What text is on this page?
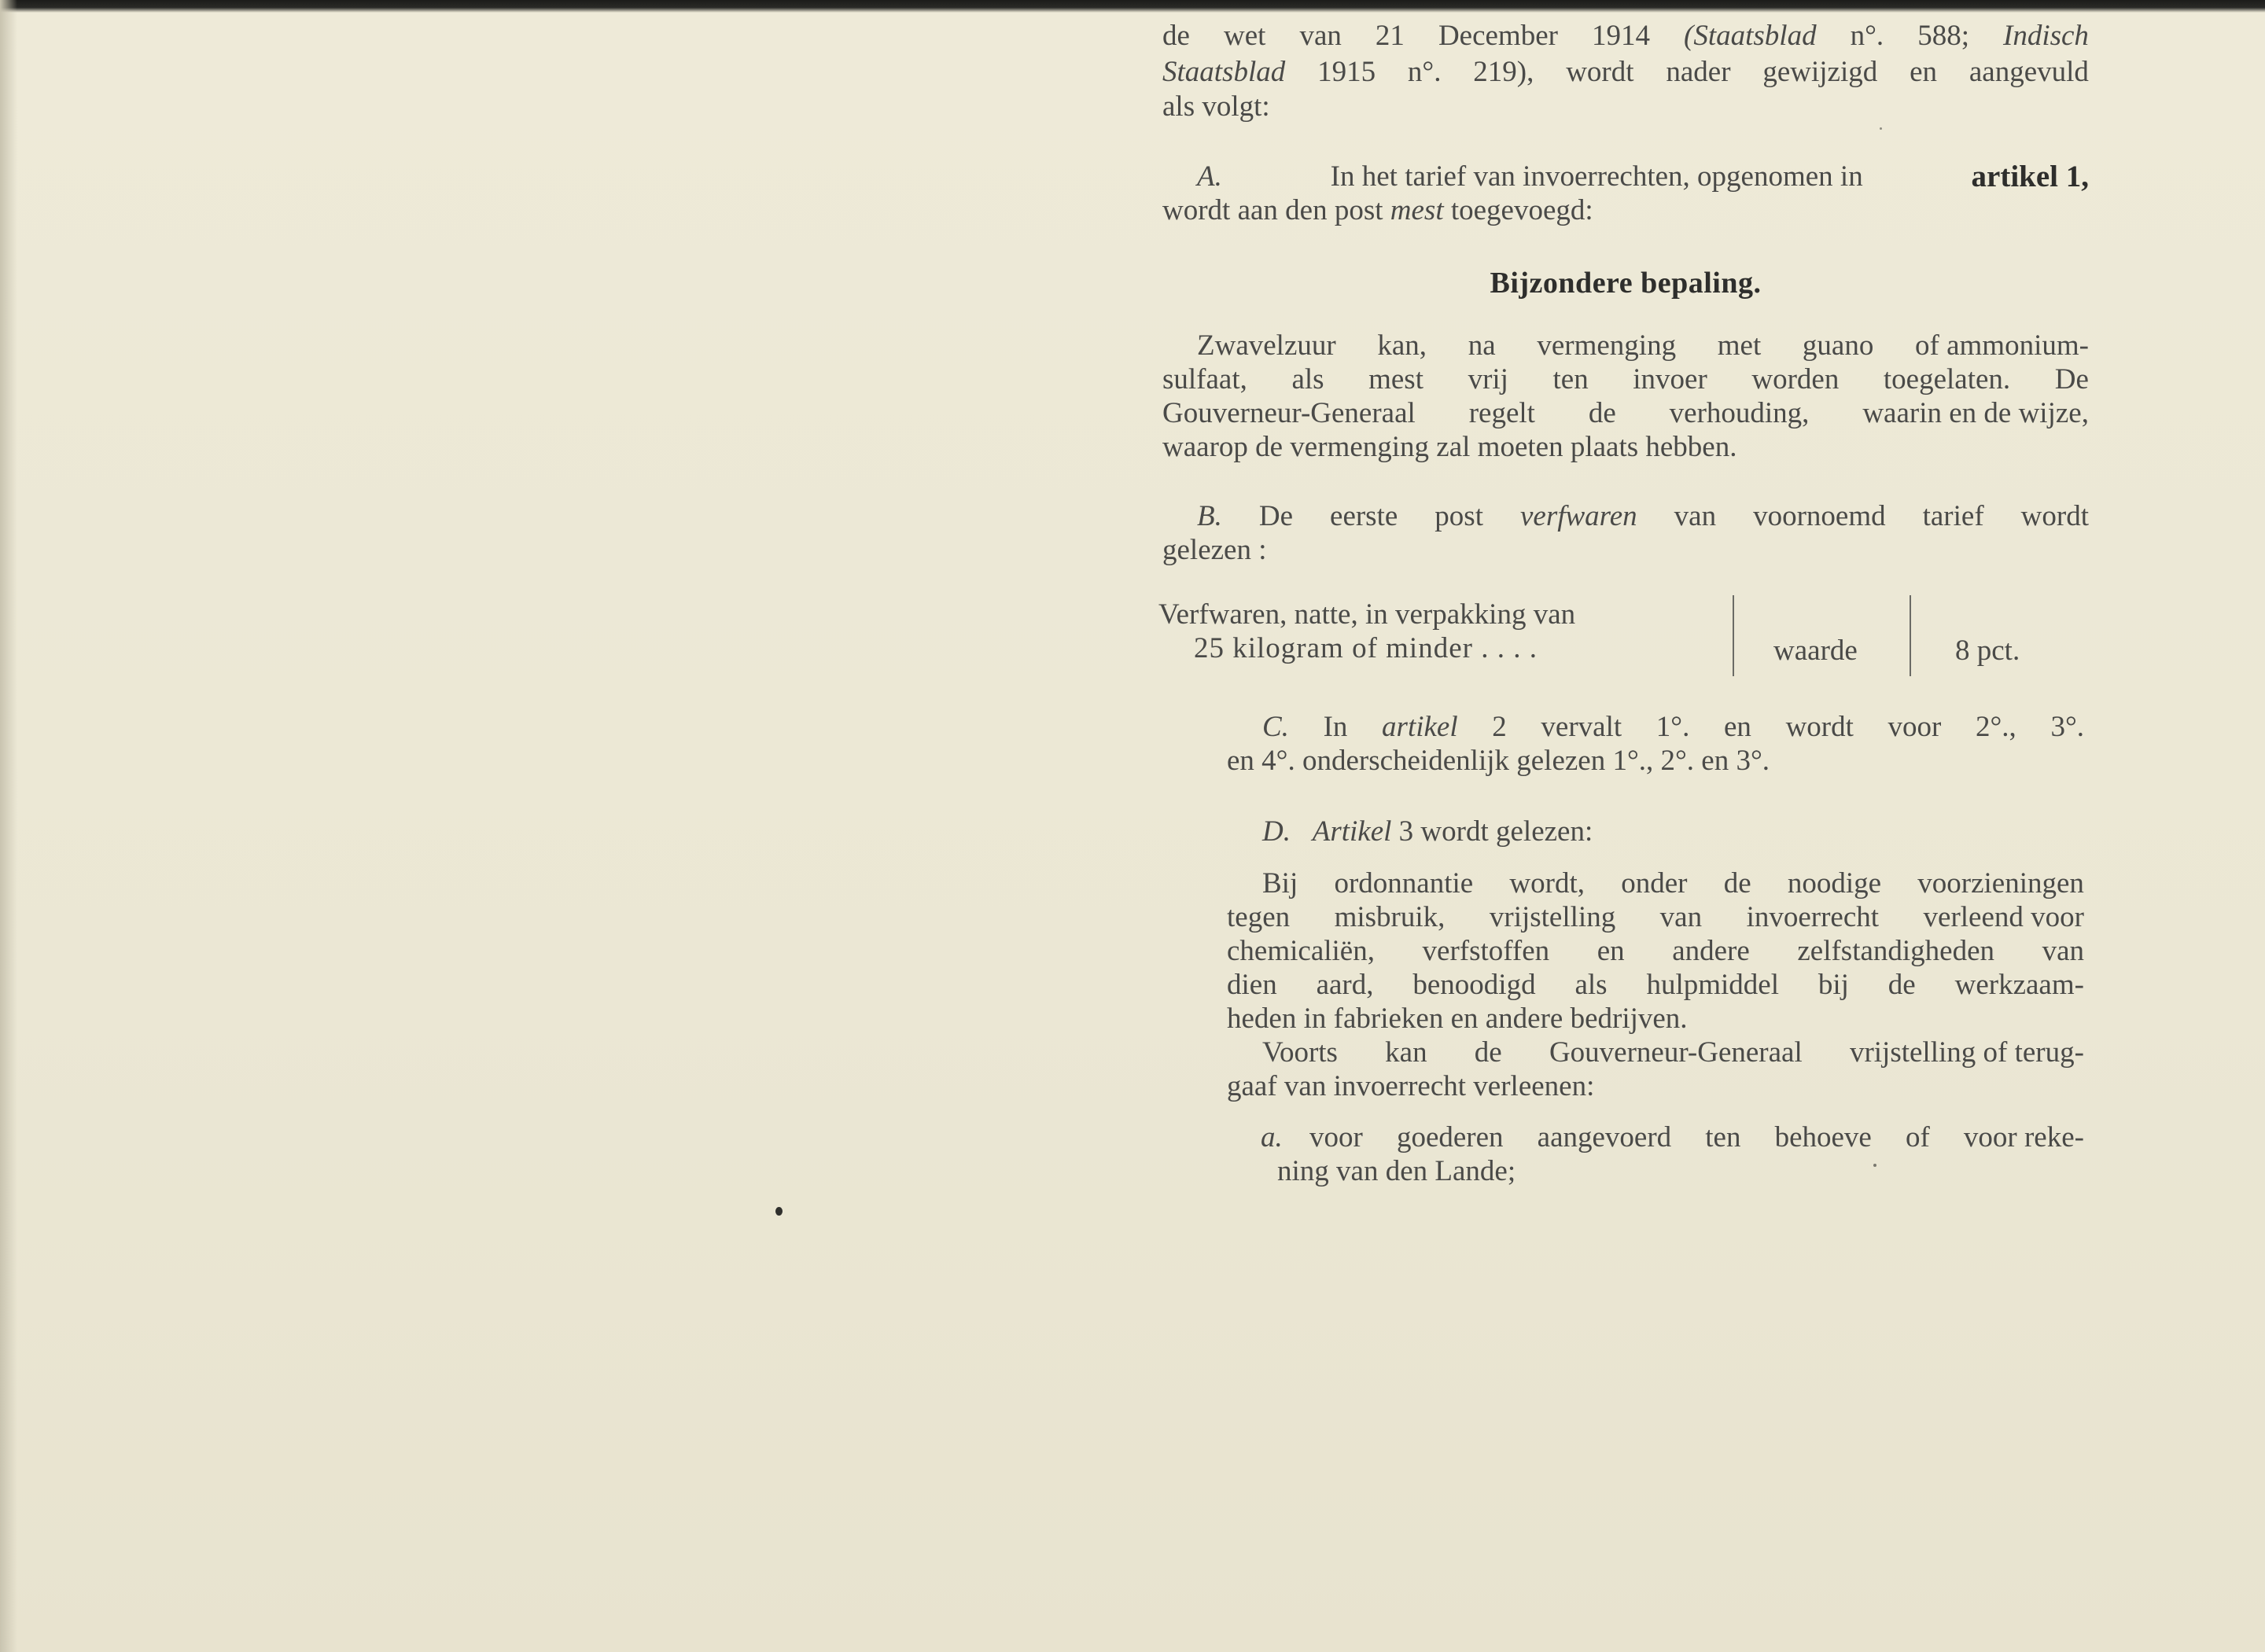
de wet van 21 December 1914 (Staatsblad n°. 588; Indisch
Staatsblad 1915 n°. 219), wordt nader gewijzigd en aangevuld
als volgt:
A.	In het tarief van invoerrechten, opgenomen in	artikel 1,
wordt aan den post mest toegevoegd:
Bijzondere bepaling.
Zwavelzuur kan, na vermenging met guano of ammonium-
sulfaat, als mest vrij ten invoer worden toegelaten. De
Gouverneur-Generaal regelt de verhouding, waarin en de wijze,
waarop de vermenging zal moeten plaats hebben.
B. De eerste post verfwaren van voornoemd tarief wordt
gelezen :
Verfwaren, natte, in verpakking van
25 kilogram of minder . . . .	waarde	8 pct.
C. In artikel 2 vervalt 1°. en wordt voor 2°., 3°.
en 4°. onderscheidenlijk gelezen 1°., 2°. en 3°.
D. Artikel 3 wordt gelezen:
Bij ordonnantie wordt, onder de noodige voorzieningen
tegen misbruik, vrijstelling van invoerrecht verleend voor
chemicaliën, verfstoffen en andere zelfstandigheden van
dien aard, benoodigd als hulpmiddel bij de werkzaam-
heden in fabrieken en andere bedrijven.
Voorts kan de Gouverneur-Generaal vrijstelling of terug-
gaaf van invoerrecht verleenen:
a. voor goederen aangevoerd ten behoeve of voor reke-
ning van den Lande;
